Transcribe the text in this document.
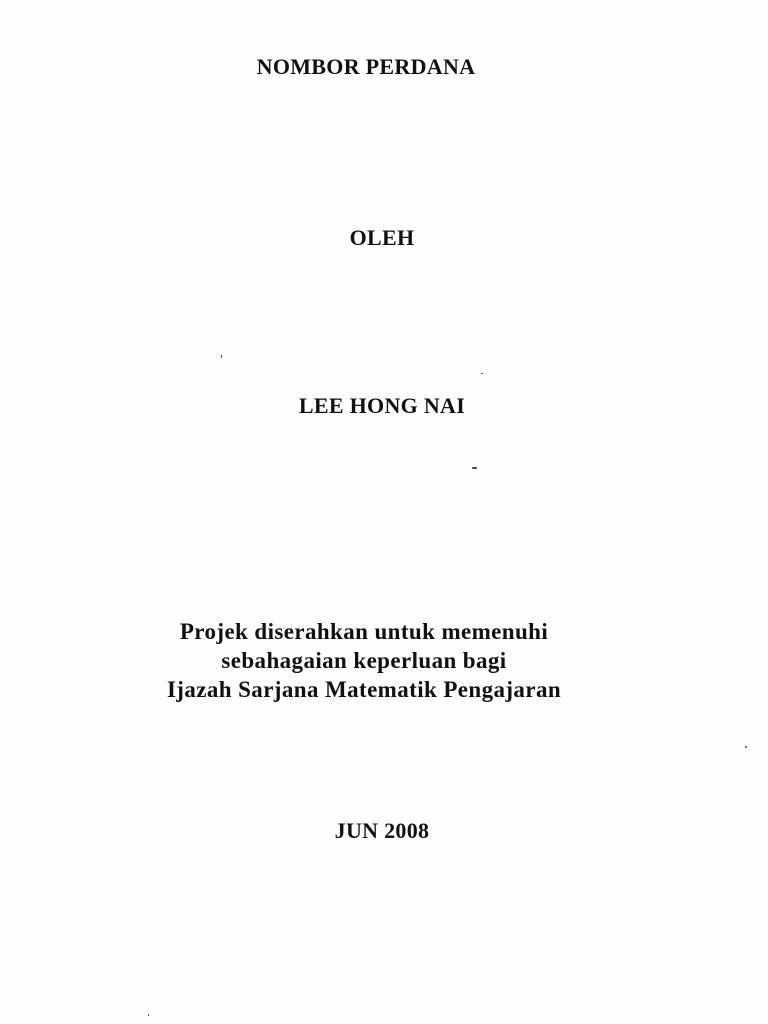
NOMBOR PERDANA
OLEH
LEE HONG NAI
Projek diserahkan untuk memenuhi
sebahagaian keperluan bagi
Ijazah Sarjana Matematik Pengajaran
JUN 2008
